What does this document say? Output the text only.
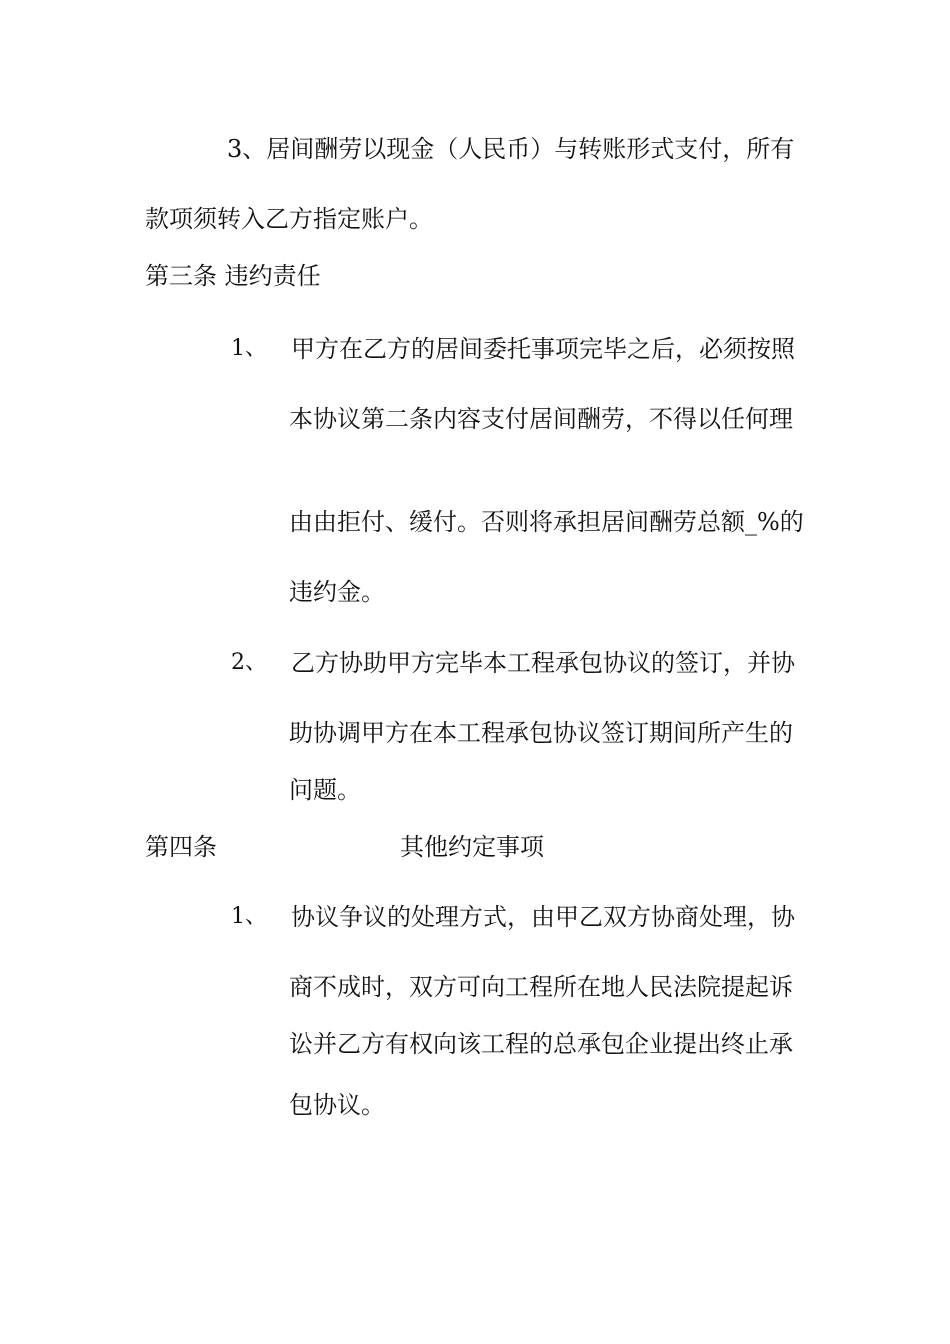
3、居间酬劳以现金（人民币）与转账形式支付，所有
款项须转入乙方指定账户。
第三条 违约责任
1、 甲方在乙方的居间委托事项完毕之后，必须按照
本协议第二条内容支付居间酬劳，不得以任何理
由由拒付、缓付。否则将承担居间酬劳总额_%的
违约金。
2、 乙方协助甲方完毕本工程承包协议的签订，并协
助协调甲方在本工程承包协议签订期间所产生的
问题。
第四条	其他约定事项
1、 协议争议的处理方式，由甲乙双方协商处理，协
商不成时，双方可向工程所在地人民法院提起诉
讼并乙方有权向该工程的总承包企业提出终止承
包协议。
